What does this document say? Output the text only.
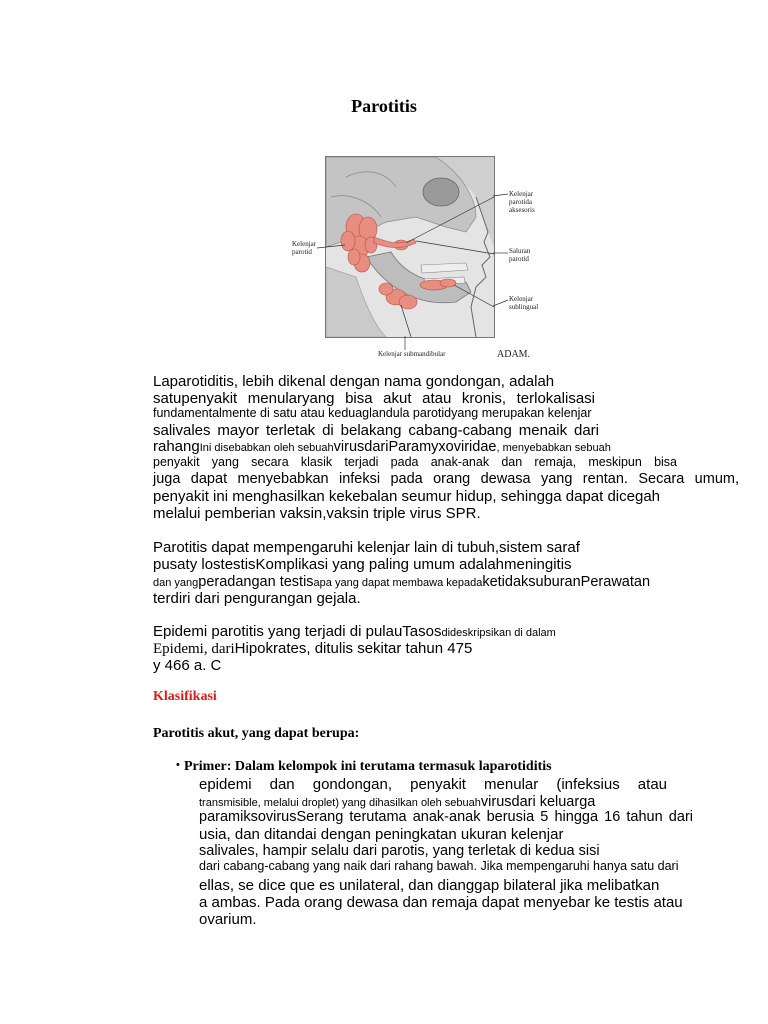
Parotitis
Kelenjar
parotida
aksesoris
Kelenjar
parotid	Saluran
parotid
Kelenjar
sublingual
Kelenjar submandibular	ADAM.
Laparotiditis, lebih dikenal dengan nama gondongan, adalah
satupenyakit menularyang bisa akut atau kronis, terlokalisasi
fundamentalmente di satu atau keduaglandula parotidyang merupakan kelenjar
salivales mayor terletak di belakang cabang-cabang menaik dari
rahangIni disebabkan oleh sebuahvirusdariParamyxoviridae, menyebabkan sebuah
penyakit yang secara klasik terjadi pada anak-anak dan remaja, meskipun bisa
juga dapat menyebabkan infeksi pada orang dewasa yang rentan. Secara umum,
penyakit ini menghasilkan kekebalan seumur hidup, sehingga dapat dicegah
melalui pemberian vaksin,vaksin triple virus SPR.
Parotitis dapat mempengaruhi kelenjar lain di tubuh,sistem saraf
pusaty lostestisKomplikasi yang paling umum adalahmeningitis
dan yangperadangan testisapa yang dapat membawa kepadaketidaksuburanPerawatan
terdiri dari pengurangan gejala.
Epidemi parotitis yang terjadi di pulauTasosdideskripsikan di dalam
Epidemi, dariHipokrates, ditulis sekitar tahun 475
y 466 a. C
Klasifikasi
Parotitis akut, yang dapat berupa:
• Primer: Dalam kelompok ini terutama termasuk laparotiditis
epidemi dan gondongan, penyakit menular (infeksius atau
transmisible, melalui droplet) yang dihasilkan oleh sebuahvirusdari keluarga
paramiksovirusSerang terutama anak-anak berusia 5 hingga 16 tahun dari
usia, dan ditandai dengan peningkatan ukuran kelenjar
salivales, hampir selalu dari parotis, yang terletak di kedua sisi
dari cabang-cabang yang naik dari rahang bawah. Jika mempengaruhi hanya satu dari
ellas, se dice que es unilateral, dan dianggap bilateral jika melibatkan
a ambas. Pada orang dewasa dan remaja dapat menyebar ke testis atau
ovarium.
